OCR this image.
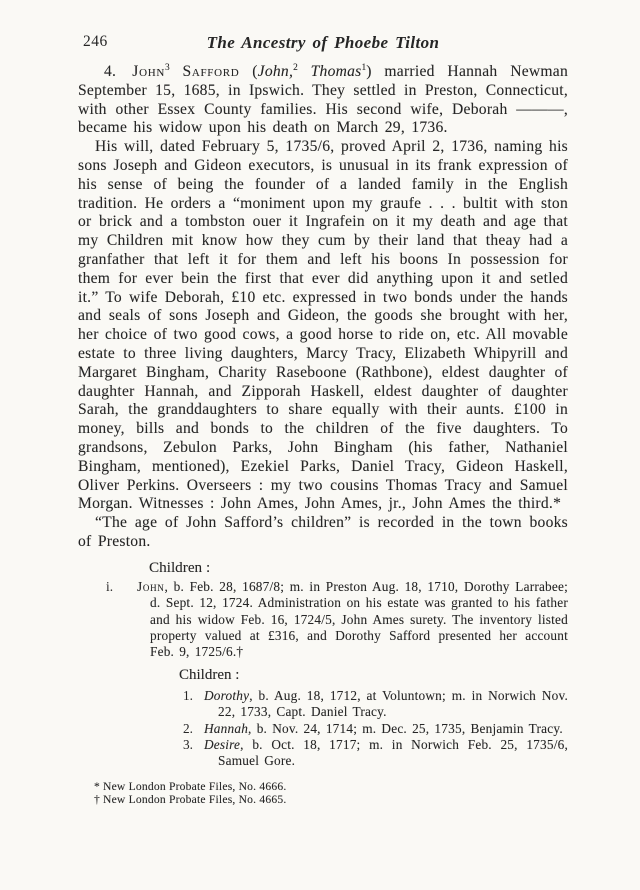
246	The Ancestry of Phoebe Tilton

4.  John$^3$ Safford (John,$^2$ Thomas$^1$) married Hannah Newman September 15, 1685, in Ipswich. They settled in Preston, Connecticut, with other Essex County families. His second wife, Deborah ———, became his widow upon his death on March 29, 1736.

His will, dated February 5, 1735/6, proved April 2, 1736, naming his sons Joseph and Gideon executors, is unusual in its frank expression of his sense of being the founder of a landed family in the English tradition. He orders a “moniment upon my graufe . . . bultit with ston or brick and a tombston ouer it Ingrafein on it my death and age that my Children mit know how they cum by their land that theay had a granfather that left it for them and left his boons In possession for them for ever bein the first that ever did anything upon it and setled it.” To wife Deborah, £10 etc. expressed in two bonds under the hands and seals of sons Joseph and Gideon, the goods she brought with her, her choice of two good cows, a good horse to ride on, etc. All movable estate to three living daughters, Marcy Tracy, Elizabeth Whipyrill and Margaret Bingham, Charity Raseboone (Rathbone), eldest daughter of daughter Hannah, and Zipporah Haskell, eldest daughter of daughter Sarah, the granddaughters to share equally with their aunts. £100 in money, bills and bonds to the children of the five daughters. To grandsons, Zebulon Parks, John Bingham (his father, Nathaniel Bingham, mentioned), Ezekiel Parks, Daniel Tracy, Gideon Haskell, Oliver Perkins. Overseers : my two cousins Thomas Tracy and Samuel Morgan. Witnesses : John Ames, John Ames, jr., John Ames the third.*

“The age of John Safford’s children” is recorded in the town books of Preston.

Children :
i.	John, b. Feb. 28, 1687/8; m. in Preston Aug. 18, 1710, Dorothy Larrabee; d. Sept. 12, 1724. Administration on his estate was granted to his father and his widow Feb. 16, 1724/5, John Ames surety. The inventory listed property valued at £316, and Dorothy Safford presented her account Feb. 9, 1725/6.†
Children :
1. Dorothy, b. Aug. 18, 1712, at Voluntown; m. in Norwich Nov. 22, 1733, Capt. Daniel Tracy.
2. Hannah, b. Nov. 24, 1714; m. Dec. 25, 1735, Benjamin Tracy.
3. Desire, b. Oct. 18, 1717; m. in Norwich Feb. 25, 1735/6, Samuel Gore.
* New London Probate Files, No. 4666.
† New London Probate Files, No. 4665.
